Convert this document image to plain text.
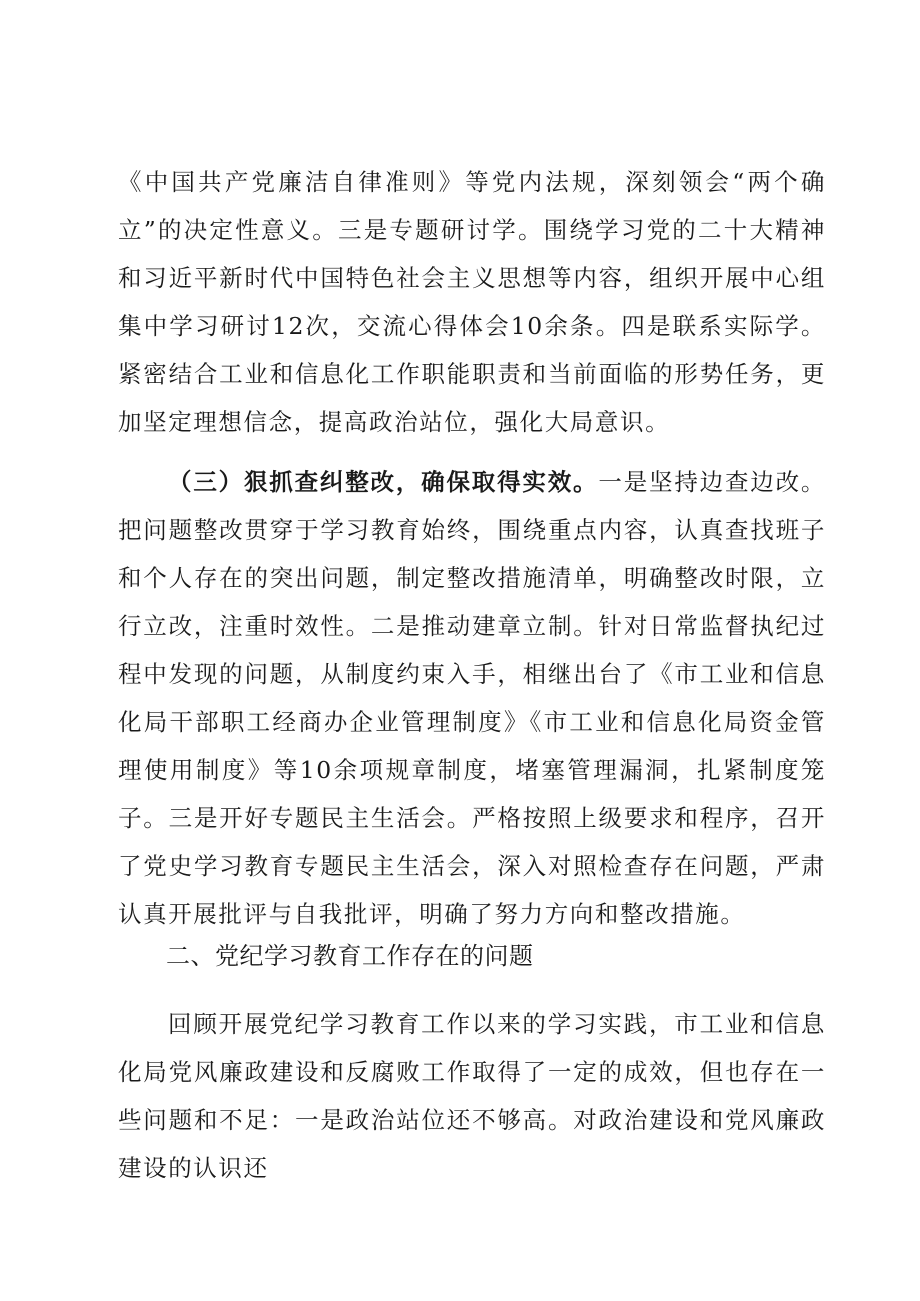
《中国共产党廉洁自律准则》等党内法规，深刻领会“两个确立”的决定性意义。三是专题研讨学。围绕学习党的二十大精神和习近平新时代中国特色社会主义思想等内容，组织开展中心组集中学习研讨12次，交流心得体会10余条。四是联系实际学。紧密结合工业和信息化工作职能职责和当前面临的形势任务，更加坚定理想信念，提高政治站位，强化大局意识。

（三）狠抓查纠整改，确保取得实效。一是坚持边查边改。把问题整改贯穿于学习教育始终，围绕重点内容，认真查找班子和个人存在的突出问题，制定整改措施清单，明确整改时限，立行立改，注重时效性。二是推动建章立制。针对日常监督执纪过程中发现的问题，从制度约束入手，相继出台了《市工业和信息化局干部职工经商办企业管理制度》《市工业和信息化局资金管理使用制度》等10余项规章制度，堵塞管理漏洞，扎紧制度笼子。三是开好专题民主生活会。严格按照上级要求和程序，召开了党史学习教育专题民主生活会，深入对照检查存在问题，严肃认真开展批评与自我批评，明确了努力方向和整改措施。

二、党纪学习教育工作存在的问题

回顾开展党纪学习教育工作以来的学习实践，市工业和信息化局党风廉政建设和反腐败工作取得了一定的成效，但也存在一些问题和不足：一是政治站位还不够高。对政治建设和党风廉政建设的认识还
